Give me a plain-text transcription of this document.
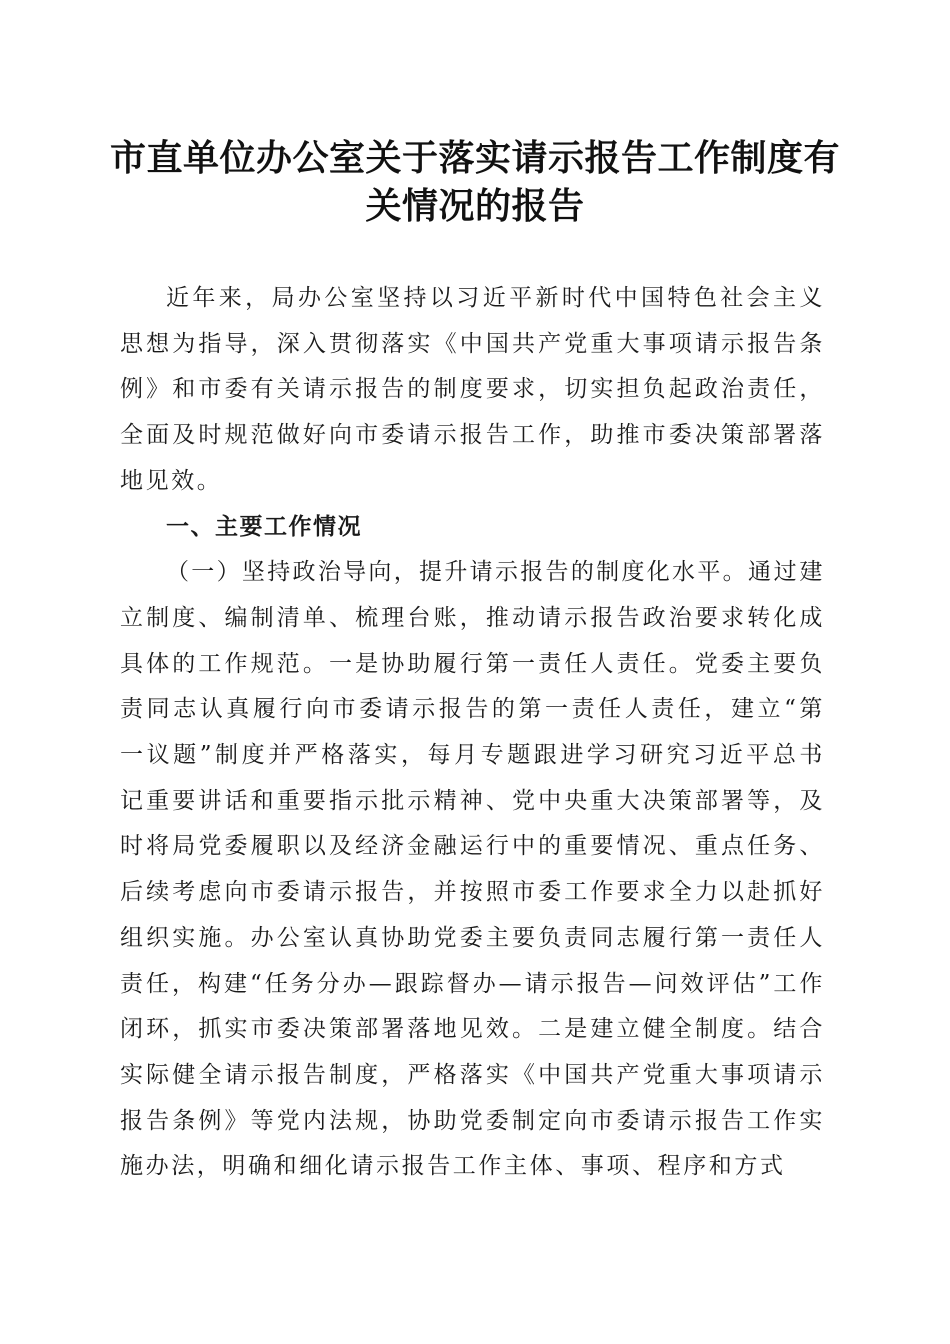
市直单位办公室关于落实请示报告工作制度有关情况的报告

近年来，局办公室坚持以习近平新时代中国特色社会主义思想为指导，深入贯彻落实《中国共产党重大事项请示报告条例》和市委有关请示报告的制度要求，切实担负起政治责任，全面及时规范做好向市委请示报告工作，助推市委决策部署落地见效。

一、主要工作情况

（一）坚持政治导向，提升请示报告的制度化水平。通过建立制度、编制清单、梳理台账，推动请示报告政治要求转化成具体的工作规范。一是协助履行第一责任人责任。党委主要负责同志认真履行向市委请示报告的第一责任人责任，建立“第一议题”制度并严格落实，每月专题跟进学习研究习近平总书记重要讲话和重要指示批示精神、党中央重大决策部署等，及时将局党委履职以及经济金融运行中的重要情况、重点任务、后续考虑向市委请示报告，并按照市委工作要求全力以赴抓好组织实施。办公室认真协助党委主要负责同志履行第一责任人责任，构建“任务分办—跟踪督办—请示报告—问效评估”工作闭环，抓实市委决策部署落地见效。二是建立健全制度。结合实际健全请示报告制度，严格落实《中国共产党重大事项请示报告条例》等党内法规，协助党委制定向市委请示报告工作实施办法，明确和细化请示报告工作主体、事项、程序和方式
